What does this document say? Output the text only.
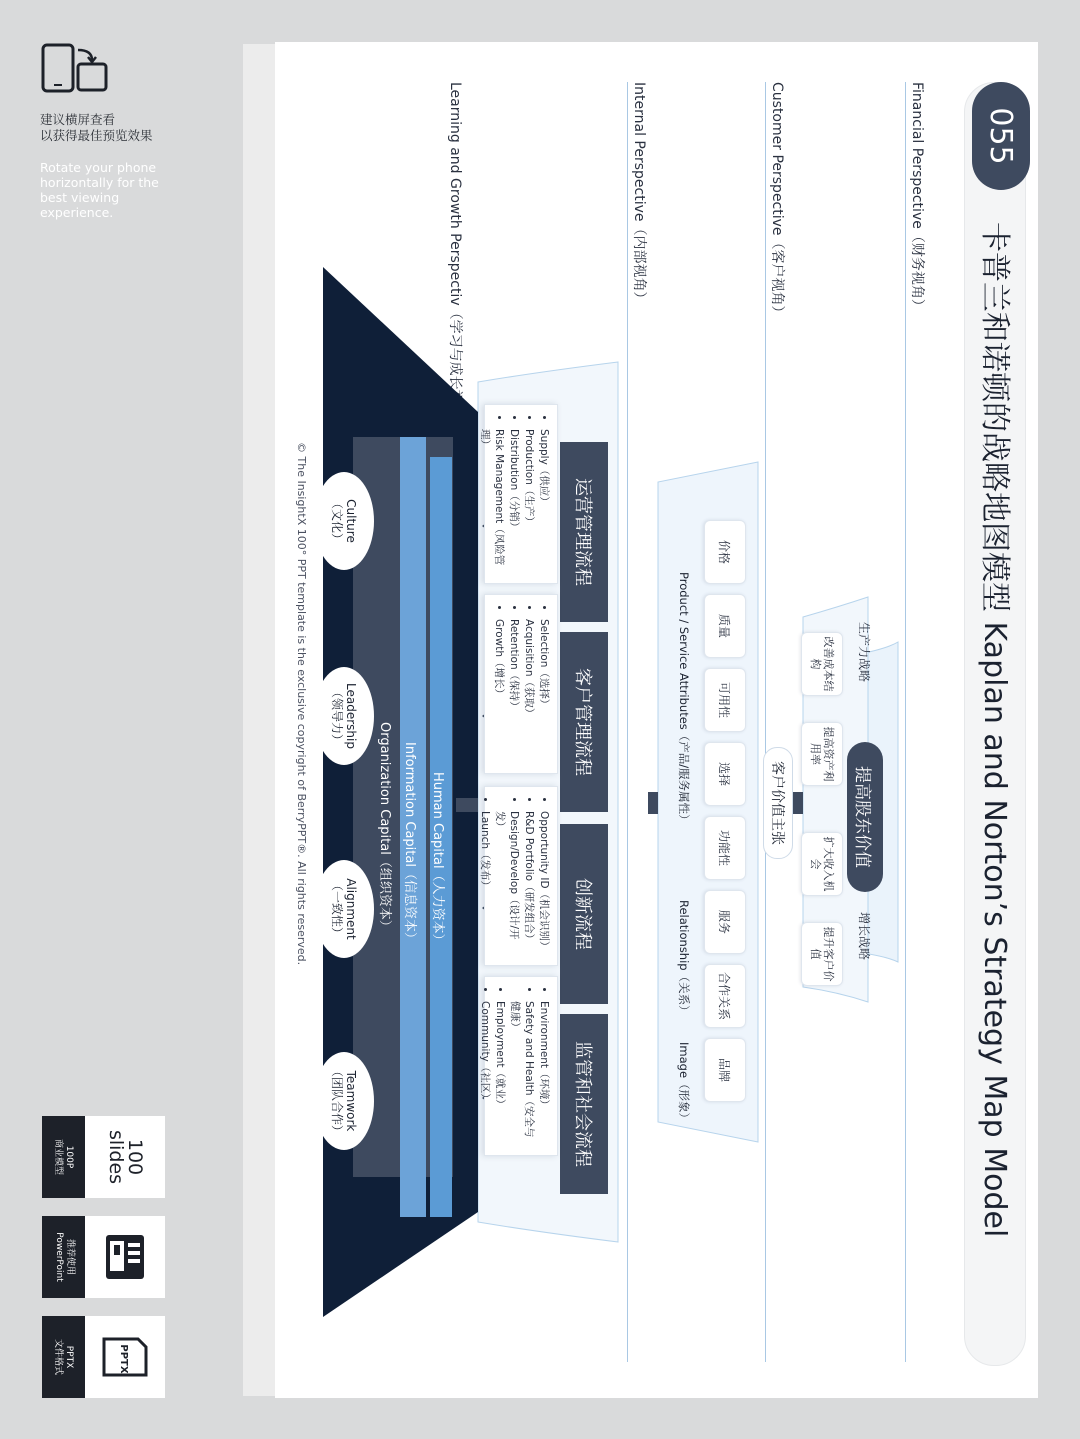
建议横屏查看
以获得最佳预览效果
Rotate your phone horizontally for the best viewing experience.
100P
商业模型	100
slides
推荐使用
PowerPoint
PPTX
文件格式	PPTX
055
卡普兰和诺顿的战略地图模型 Kaplan and Norton’s Strategy Map Model
Financial Perspective（财务视角）
Customer Perspective（客户视角）
Internal Perspective（内部视角）
Learning and Growth Perspectiv（学习与成长视角）
提高股东价值
生产力战略
增长战略
改善成本结构
提高资产利用率
扩大收入机会
提升客户价值
客户价值主张
价格
质量
可用性
选择
功能性
服务
合作关系
品牌
Product / Service Attributes（产品/服务属性）
Relationship（关系）
Image（形象）
运营管理流程
• Supply（供应）
• Production（生产）
• Distribution（分销）
• Risk Management（风险管理）
客户管理流程
• Selection（选择）
• Acquisition（获取）
• Retention（保持）
• Growth（增长）
创新流程
• Opportunity ID（机会识别）
• R&D Portfolio（研发组合）
• Design/Develop（设计/开发）
• Launch（发布）
监管和社会流程
• Environment（环境）
• Safety and Health（安全与健康）
• Employment（就业）
• Community（社区）
Human Capital（人力资本）
Information Capital（信息资本）
Organization Capital（组织资本）
Culture
（文化）
Leadership
（领导力）
Alignment
（一致性）
Teamwork
（团队合作）
© The InsightX 100° PPT template is the exclusive copyright of BerryPPT®. All rights reserved.
